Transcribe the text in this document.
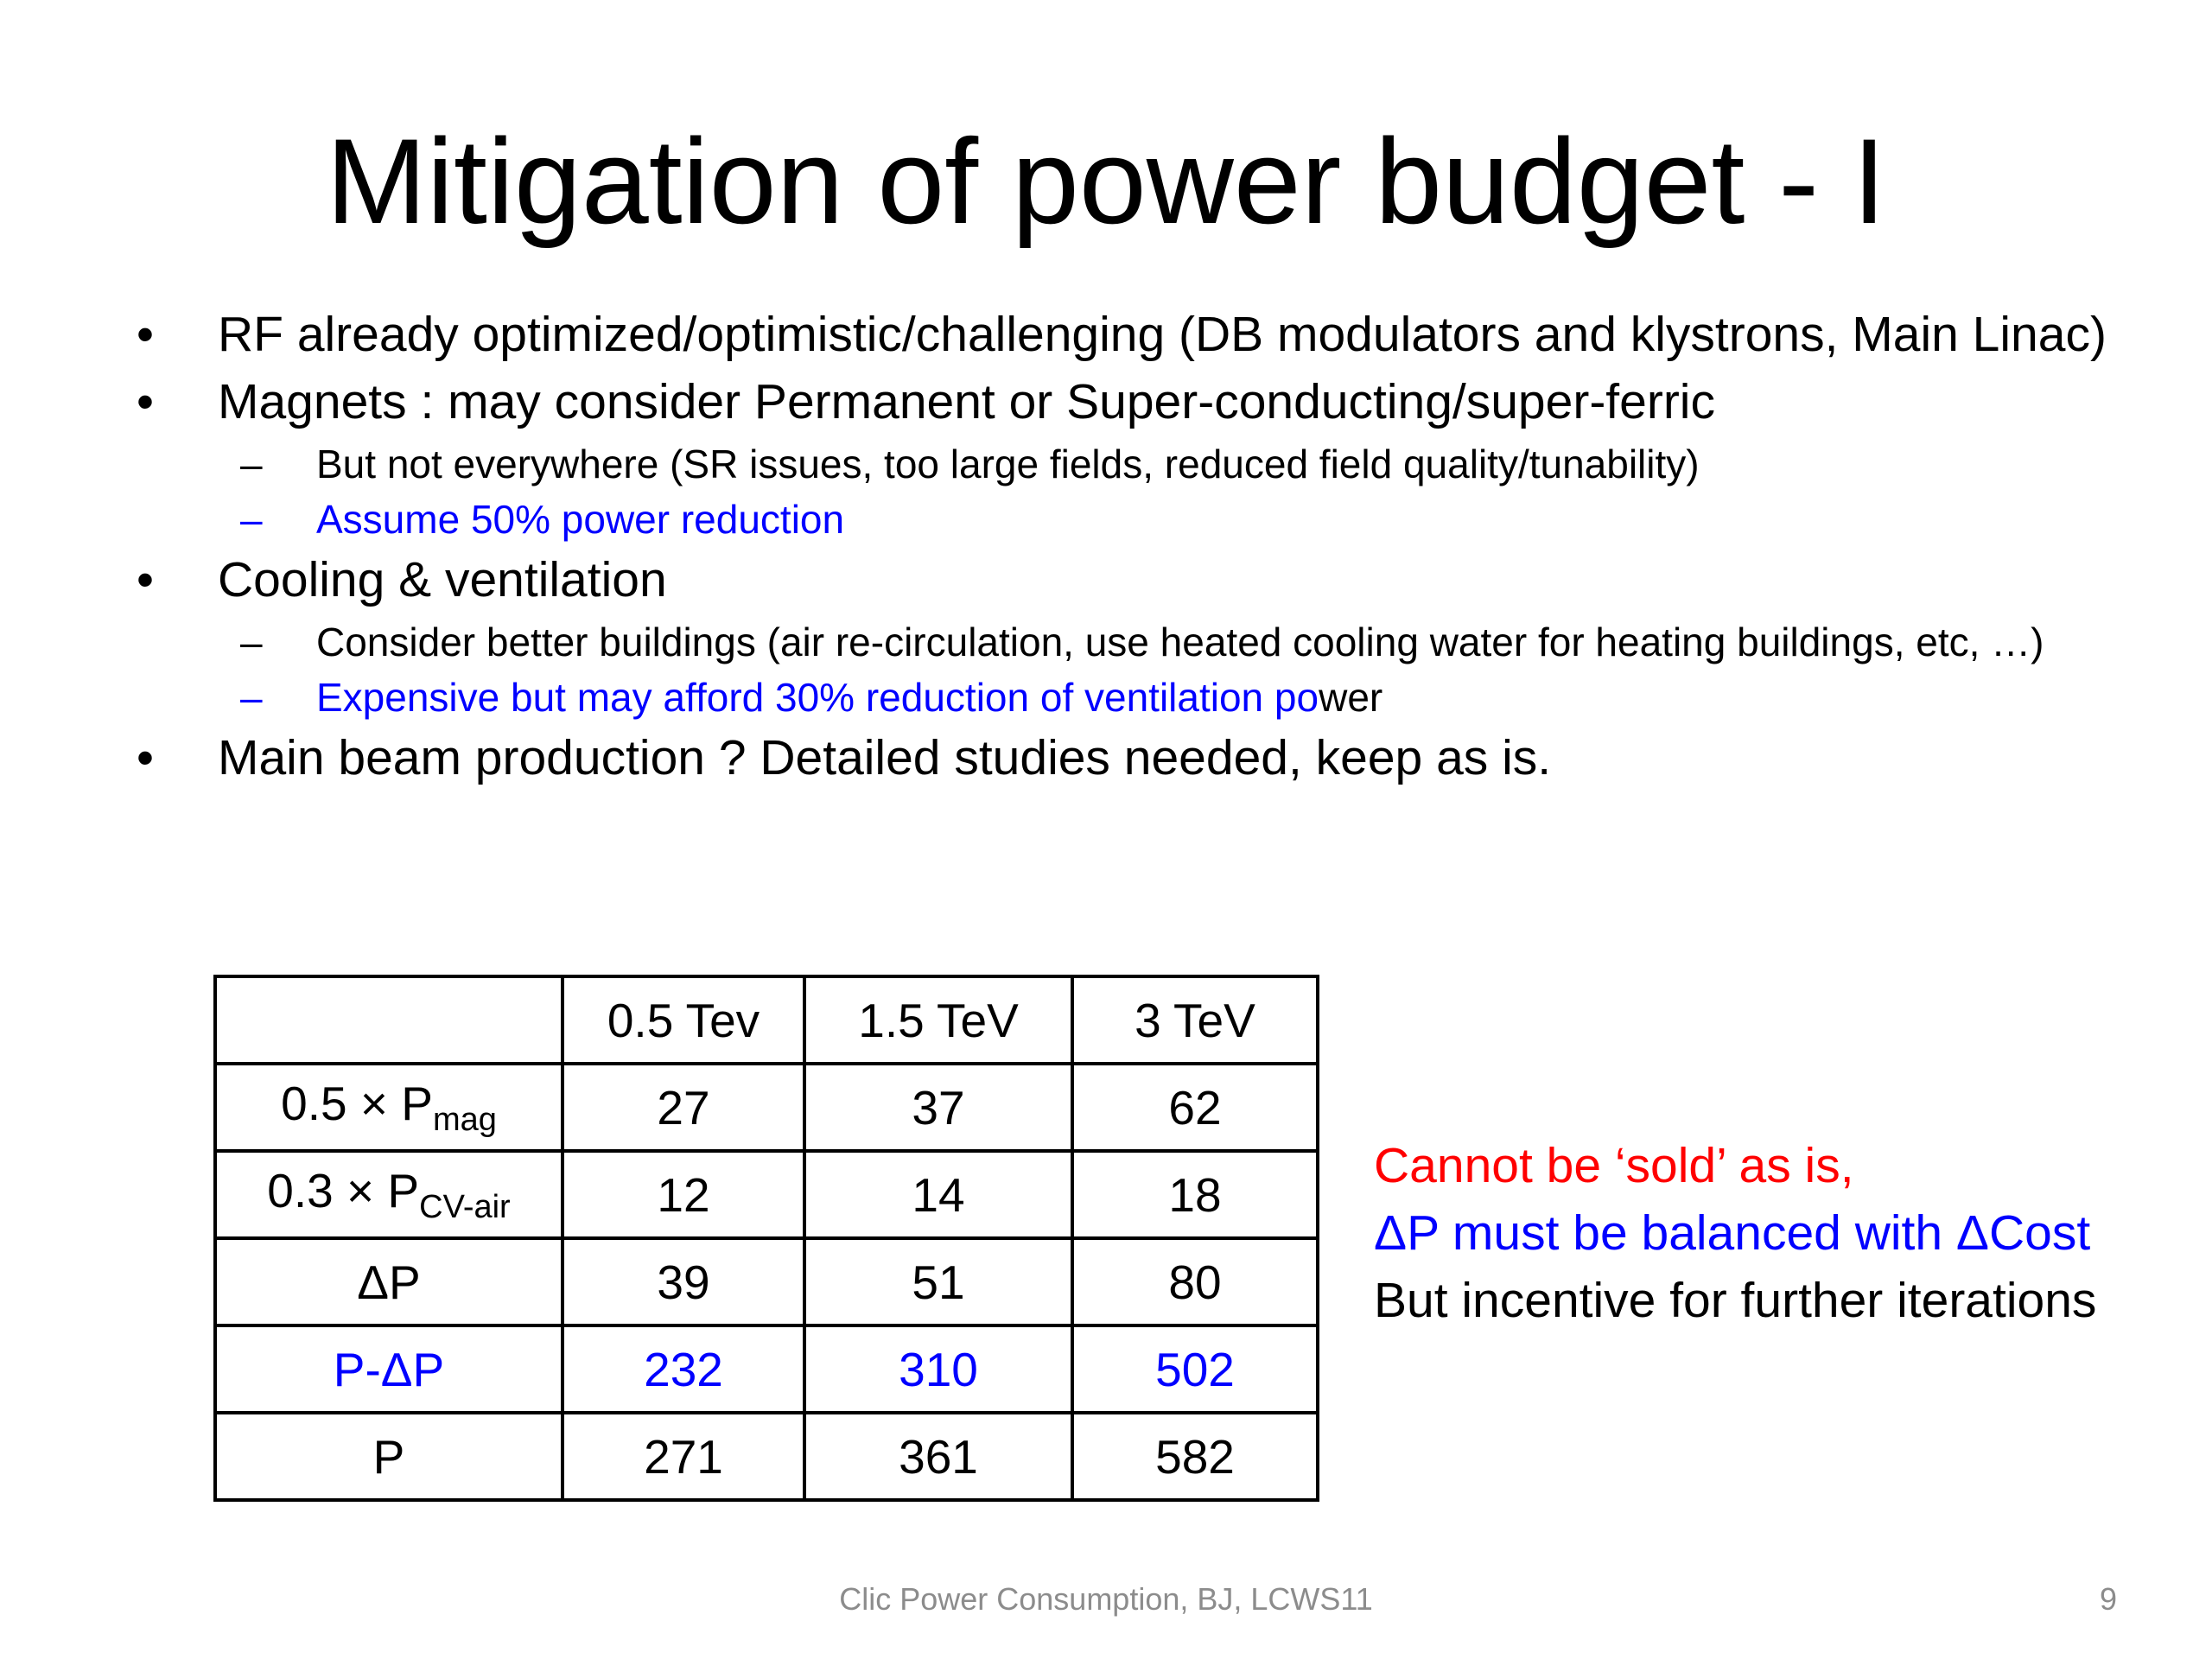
Mitigation of power budget - I
• RF already optimized/optimistic/challenging (DB modulators and klystrons, Main Linac)
• Magnets : may consider Permanent or Super-conducting/super-ferric
– But not everywhere (SR issues, too large fields, reduced field quality/tunability)
– Assume 50% power reduction
• Cooling & ventilation
– Consider better buildings (air re-circulation, use heated cooling water for heating buildings, etc, …)
– Expensive but may afford 30% reduction of ventilation power
• Main beam production ? Detailed studies needed, keep as is.
	0.5 Tev	1.5 TeV	3 TeV
$0.5 \times P_{mag}$	27	37	62
$0.3 \times P_{CV-air}$	12	14	18
ΔP	39	51	80
P-ΔP	232	310	502
P	271	361	582
Cannot be ‘sold’ as is,
ΔP must be balanced with ΔCost
But incentive for further iterations
Clic Power Consumption, BJ, LCWS11	9
